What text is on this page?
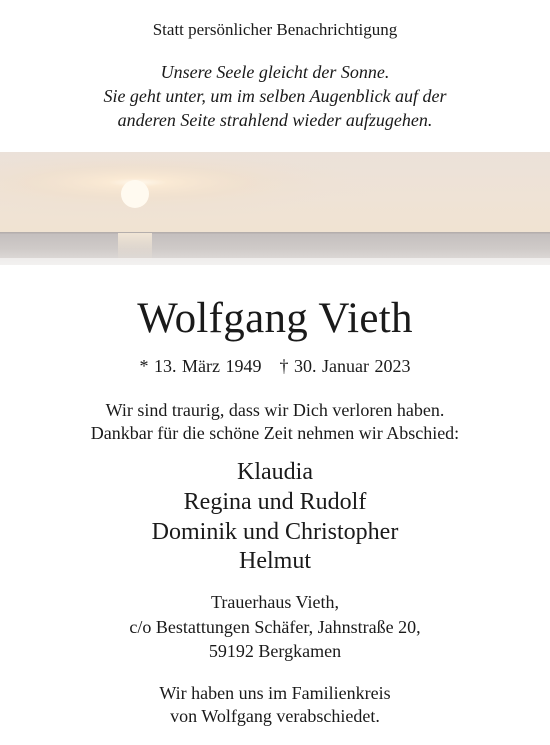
Statt persönlicher Benachrichtigung
Unsere Seele gleicht der Sonne.
Sie geht unter, um im selben Augenblick auf der
anderen Seite strahlend wieder aufzugehen.
Wolfgang Vieth
* 13. März 1949 † 30. Januar 2023
Wir sind traurig, dass wir Dich verloren haben.
Dankbar für die schöne Zeit nehmen wir Abschied:
Klaudia
Regina und Rudolf
Dominik und Christopher
Helmut
Trauerhaus Vieth,
c/o Bestattungen Schäfer, Jahnstraße 20,
59192 Bergkamen
Wir haben uns im Familienkreis
von Wolfgang verabschiedet.
